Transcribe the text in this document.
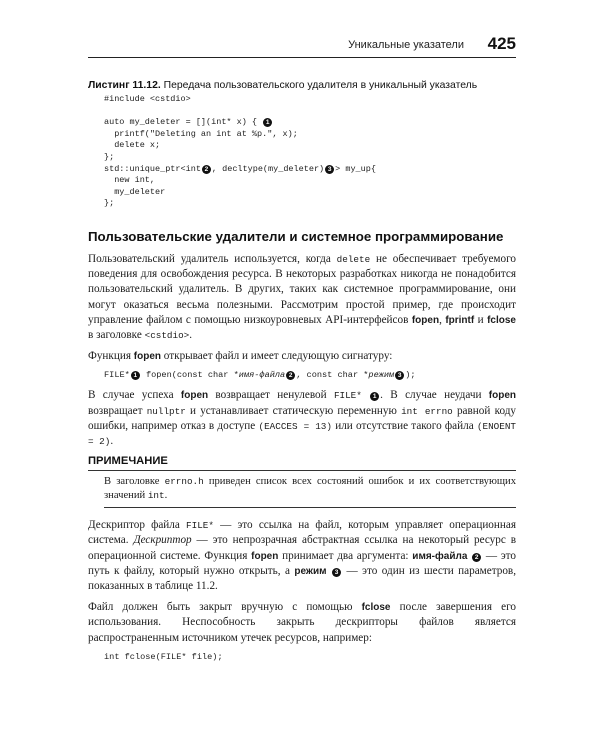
Уникальные указатели 425
Листинг 11.12. Передача пользовательского удалителя в уникальный указатель
#include <cstdio>
auto my_deleter = [](int* x) { 1
printf("Deleting an int at %p.", x);
delete x;
};
std::unique_ptr<int 2 , decltype(my_deleter) 3 > my_up{
new int,
my_deleter
};
Пользовательские удалители и системное программирование

Пользовательский удалитель используется, когда delete не обеспечивает требуемого поведения для освобождения ресурса. В некоторых разработках никогда не понадобится пользовательский удалитель. В других, таких как системное программирование, они могут оказаться весьма полезными. Рассмотрим простой пример, где происходит управление файлом с помощью низкоуровневых API-интерфейсов fopen, fprintf и fclose в заголовке <cstdio>.

Функция fopen открывает файл и имеет следующую сигнатуру:

FILE* 1 fopen(const char *имя-файла 2 , const char *режим 3 );

В случае успеха fopen возвращает ненулевой FILE* 1 . В случае неудачи fopen возвращает nullptr и устанавливает статическую переменную int errno равной коду ошибки, например отказ в доступе (EACCES = 13) или отсутствие такого файла (ENOENT = 2).

ПРИМЕЧАНИЕ
В заголовке errno.h приведен список всех состояний ошибок и их соответствующих значений int.

Дескриптор файла FILE* — это ссылка на файл, которым управляет операционная система. Дескриптор — это непрозрачная абстрактная ссылка на некоторый ресурс в операционной системе. Функция fopen принимает два аргумента: имя-файла 2 — это путь к файлу, который нужно открыть, а режим 3 — это один из шести параметров, показанных в таблице 11.2.

Файл должен быть закрыт вручную с помощью fclose после завершения его использования. Неспособность закрыть дескрипторы файлов является распространенным источником утечек ресурсов, например:

int fclose(FILE* file);
